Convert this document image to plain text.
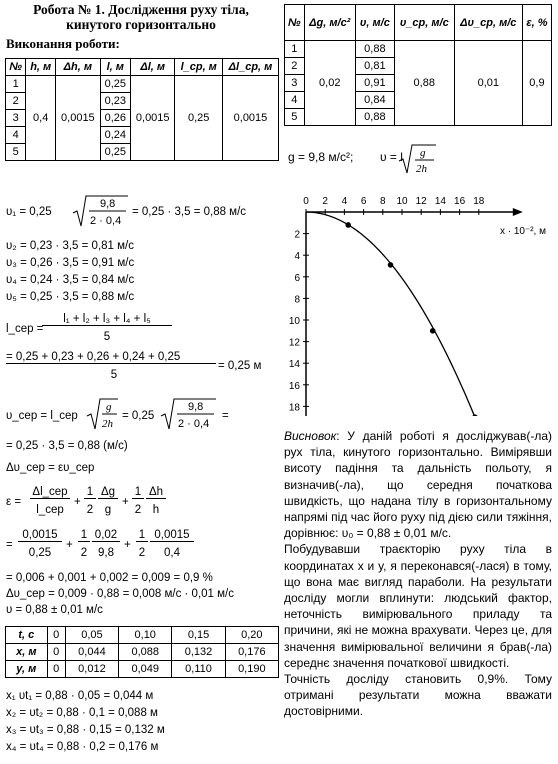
Робота № 1. Дослідження руху тіла,
кинутого горизонтально
Виконання роботи:
№	h, м	Δh, м	l, м	Δl, м	l_ср, м	Δl_ср, м
1	0,4	0,0015	0,25	0,0015	0,25	0,0015
2			0,23			
3			0,26			
4			0,24			
5			0,25			
№	Δg, м/с²	υ, м/с	υ_ср, м/с	Δυ_ср, м/с	ε, %
1	0,02	0,88	0,88	0,01	0,9
2		0,81			
3		0,91			
4		0,84			
5		0,88			
g = 9,8 м/с²; υ = l g
2h
υ₁ = 0,25
9,8
2 · 0,4
= 0,25 · 3,5 = 0,88 м/с
υ₂ = 0,23 · 3,5 = 0,81 м/с
υ₃ = 0,26 · 3,5 = 0,91 м/с
υ₄ = 0,24 · 3,5 = 0,84 м/с
υ₅ = 0,25 · 3,5 = 0,88 м/с
l_сер =
l₁ + l₂ + l₃ + l₄ + l₅
5
= 0,25 + 0,23 + 0,26 + 0,24 + 0,25
5
= 0,25 м
υ_сер = l_сер
g
2h
= 0,25
9,8
2 · 0,4
=
= 0,25 · 3,5 = 0,88 (м/с)
Δυ_сер = ευ_сер
ε =
Δl_сер
l_сер
+
1
2
Δg
g
+
1
2
Δh
h
=
0,0015
0,25
+
1
2
0,02
9,8
+
1
2
0,0015
0,4
= 0,006 + 0,001 + 0,002 = 0,009 = 0,9 %
Δυ_сер = 0,009 · 0,88 = 0,008 м/с · 0,01 м/с
υ = 0,88 ± 0,01 м/с
t, с	0	0,05	0,10	0,15	0,20
x, м	0	0,044	0,088	0,132	0,176
y, м	0	0,012	0,049	0,110	0,190
x₁ υt₁ = 0,88 · 0,05 = 0,044 м
x₂ = υt₂ = 0,88 · 0,1 = 0,088 м
x₃ = υt₃ = 0,88 · 0,15 = 0,132 м
x₄ = υt₄ = 0,88 · 0,2 = 0,176 м
0 2 4 6 8 10 12 14 16 18
2
4
6
8
10
12
14
16
18
x · 10⁻², м

Висновок: У даній роботі я досліджував(-ла) рух тіла, кинутого горизонтально. Вимірявши висоту падіння та дальність польоту, я визначив(-ла), що середня початкова швидкість, що надана тілу в горизонтальному напрямі під час його руху під дією сили тяжіння, дорівнює: υ₀ = 0,88 ± 0,01 м/с.

Побудувавши траєкторію руху тіла в координатах x и y, я переконався(-лася) в тому, що вона має вигляд параболи. На результати досліду могли вплинути: людський фактор, неточність вимірювального приладу та причини, які не можна врахувати. Через це, для значення вимірювальної величини я брав(-ла) середнє значення початкової швидкості.

Точність досліду становить 0,9%. Тому отримані результати можна вважати достовірними.
